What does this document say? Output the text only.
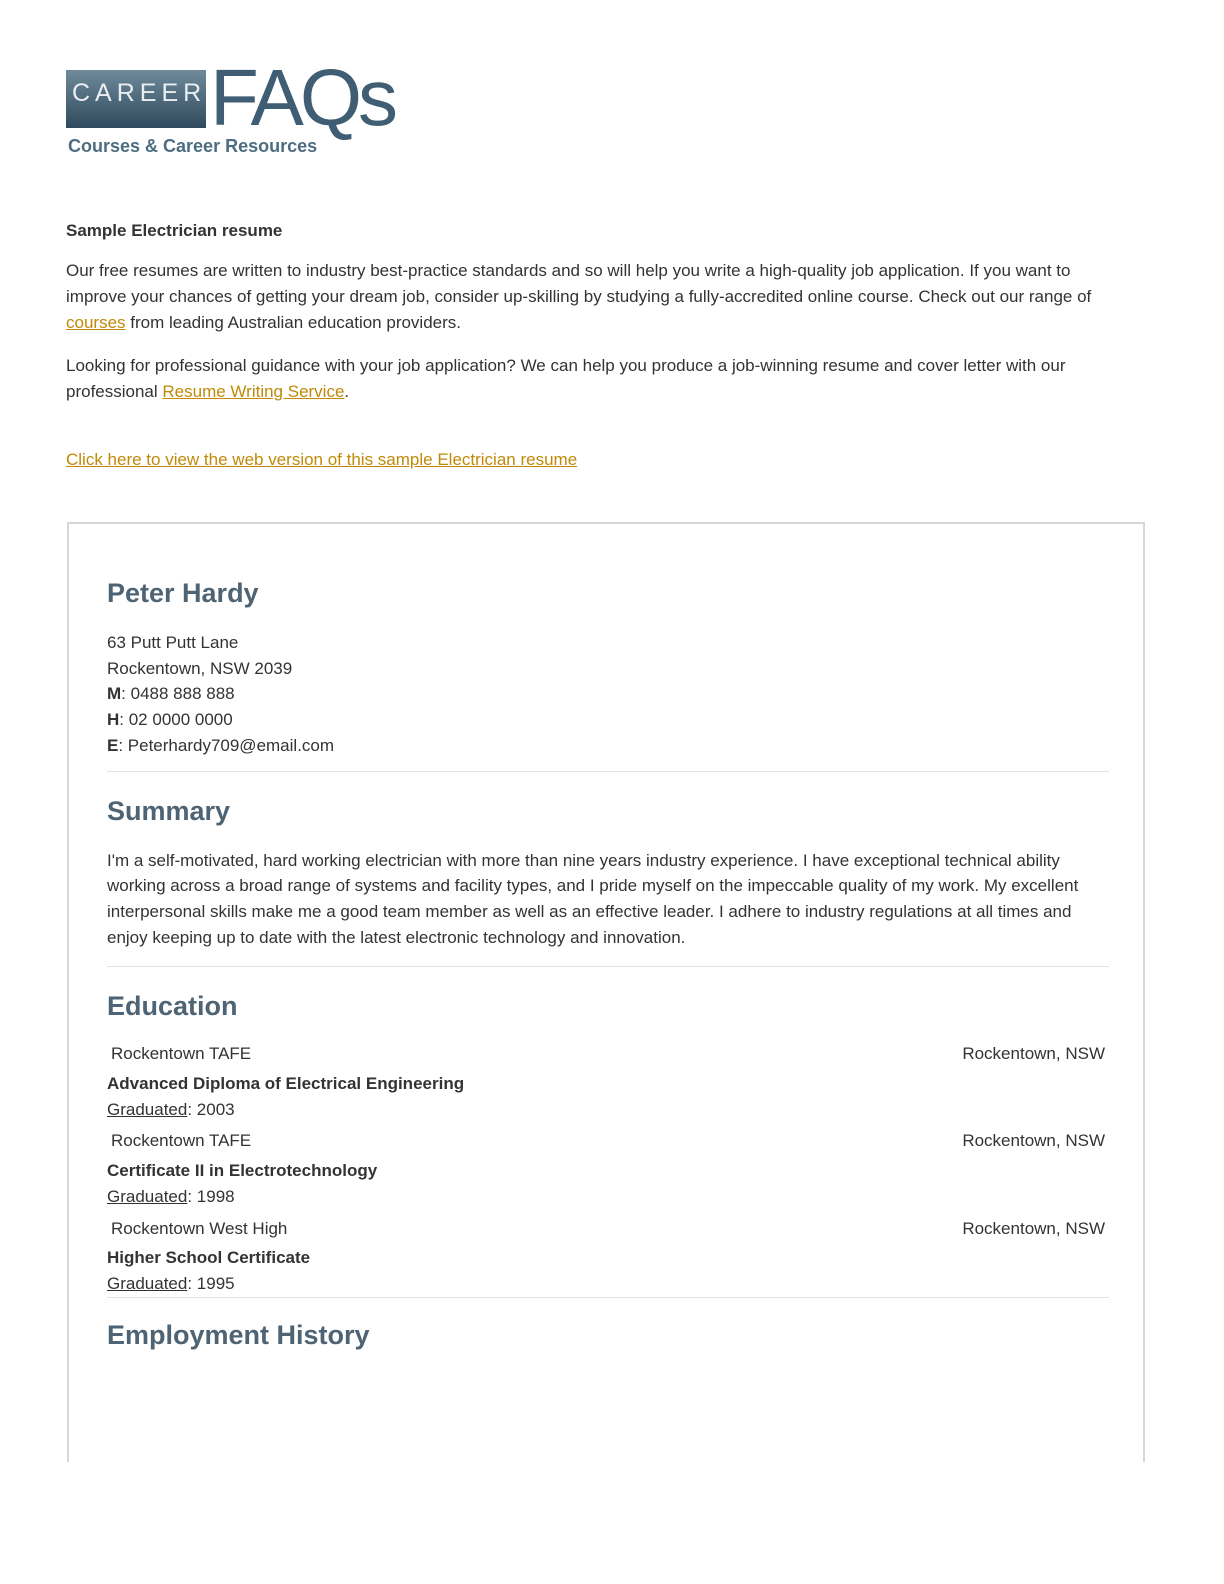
CAREER FAQs
Courses & Career Resources
Sample Electrician resume

Our free resumes are written to industry best-practice standards and so will help you write a high-quality job application. If you want to improve your chances of getting your dream job, consider up-skilling by studying a fully-accredited online course. Check out our range of courses from leading Australian education providers.

Looking for professional guidance with your job application? We can help you produce a job-winning resume and cover letter with our professional Resume Writing Service.

Click here to view the web version of this sample Electrician resume
Peter Hardy
63 Putt Putt Lane
Rockentown, NSW 2039
M: 0488 888 888
H: 02 0000 0000
E: Peterhardy709@email.com
Summary
I'm a self-motivated, hard working electrician with more than nine years industry experience. I have exceptional technical ability working across a broad range of systems and facility types, and I pride myself on the impeccable quality of my work. My excellent interpersonal skills make me a good team member as well as an effective leader. I adhere to industry regulations at all times and enjoy keeping up to date with the latest electronic technology and innovation.
Education
Rockentown TAFE	Rockentown, NSW
Advanced Diploma of Electrical Engineering
Graduated: 2003
Rockentown TAFE	Rockentown, NSW
Certificate II in Electrotechnology
Graduated: 1998
Rockentown West High	Rockentown, NSW
Higher School Certificate
Graduated: 1995
Employment History
